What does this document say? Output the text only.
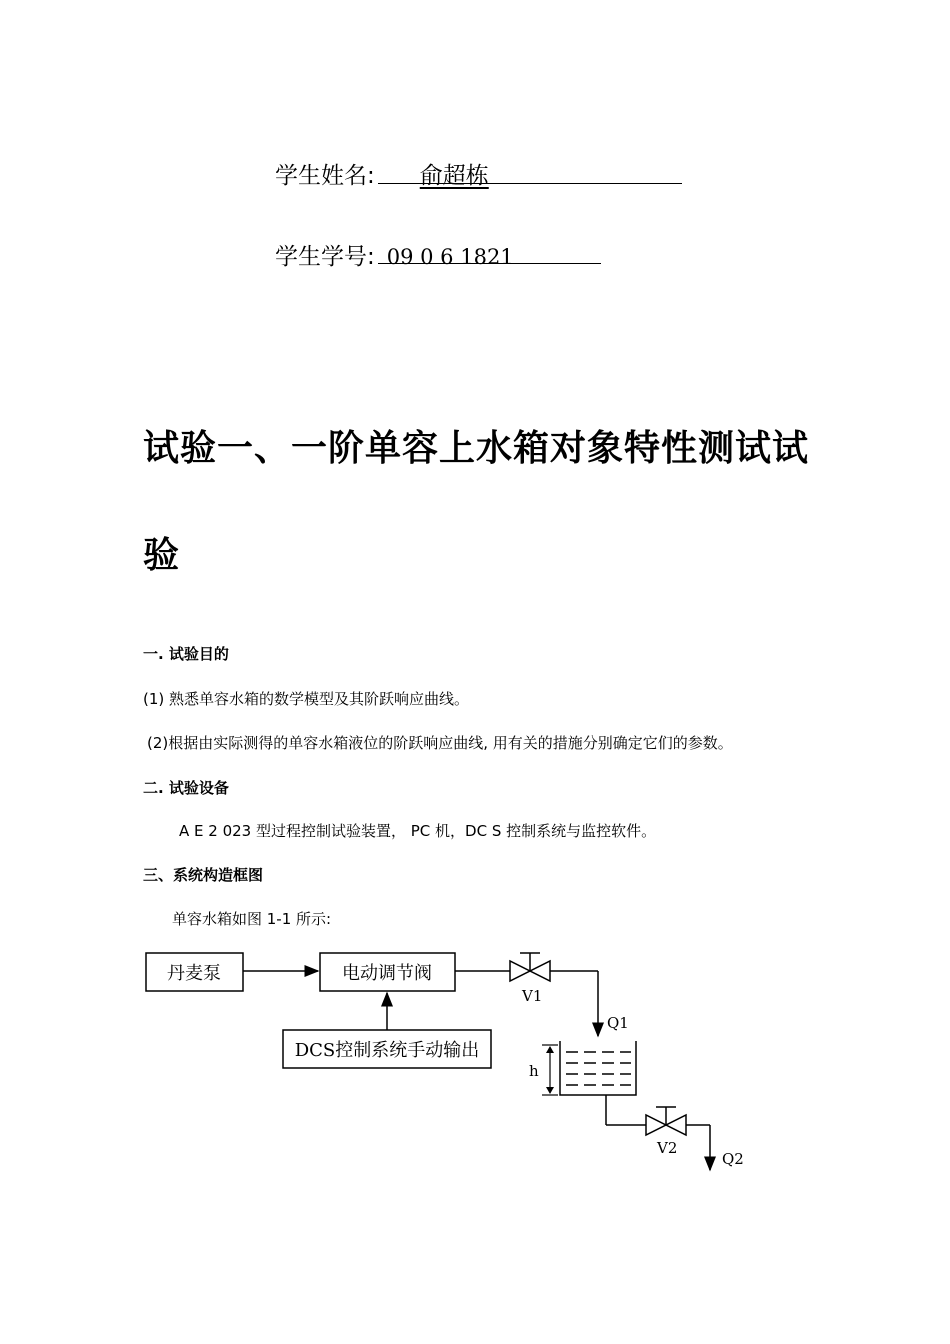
学生姓名: 俞超栋
学生学号: 09 0 6 1821
试验一、一阶单容上水箱对象特性测试试
验
一. 试验目的
(1) 熟悉单容水箱的数学模型及其阶跃响应曲线。
(2)根据由实际测得的单容水箱液位的阶跃响应曲线, 用有关的措施分别确定它们的参数。
二. 试验设备
A E 2 023 型过程控制试验装置， PC 机，DC S 控制系统与监控软件。
三、系统构造框图
单容水箱如图 1-1 所示:
丹麦泵	电动调节阀
DCS控制系统手动输出
V1
Q1
h
V2
Q2
